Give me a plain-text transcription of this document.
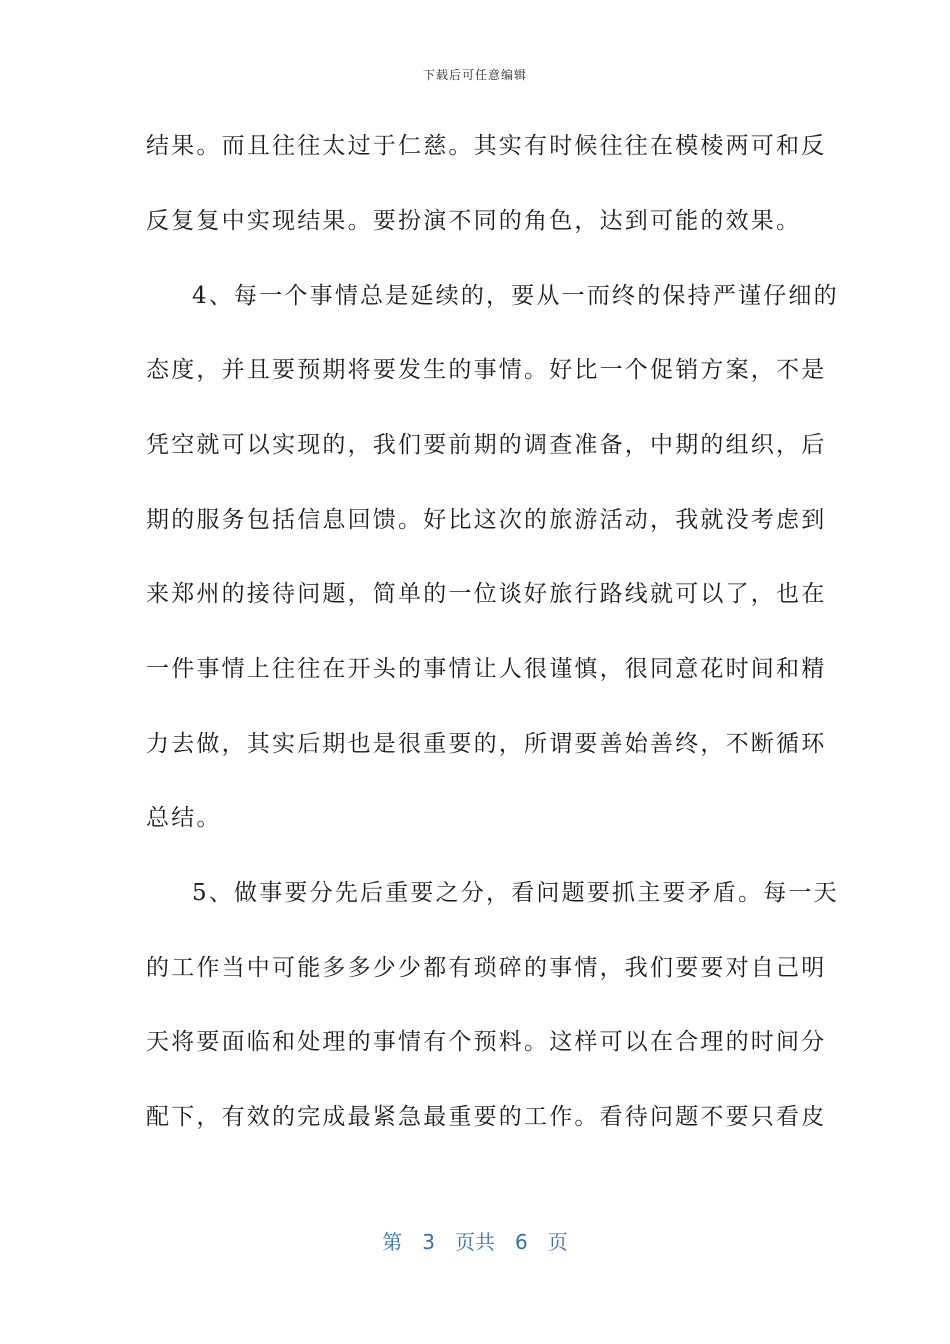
下载后可任意编辑
结果。而且往往太过于仁慈。其实有时候往往在模棱两可和反
反复复中实现结果。要扮演不同的角色，达到可能的效果。
4、每一个事情总是延续的，要从一而终的保持严谨仔细的
态度，并且要预期将要发生的事情。好比一个促销方案，不是
凭空就可以实现的，我们要前期的调查准备，中期的组织，后
期的服务包括信息回馈。好比这次的旅游活动，我就没考虑到
来郑州的接待问题，简单的一位谈好旅行路线就可以了，也在
一件事情上往往在开头的事情让人很谨慎，很同意花时间和精
力去做，其实后期也是很重要的，所谓要善始善终，不断循环
总结。
5、做事要分先后重要之分，看问题要抓主要矛盾。每一天
的工作当中可能多多少少都有琐碎的事情，我们要要对自己明
天将要面临和处理的事情有个预料。这样可以在合理的时间分
配下，有效的完成最紧急最重要的工作。看待问题不要只看皮
第 3 页共 6 页
